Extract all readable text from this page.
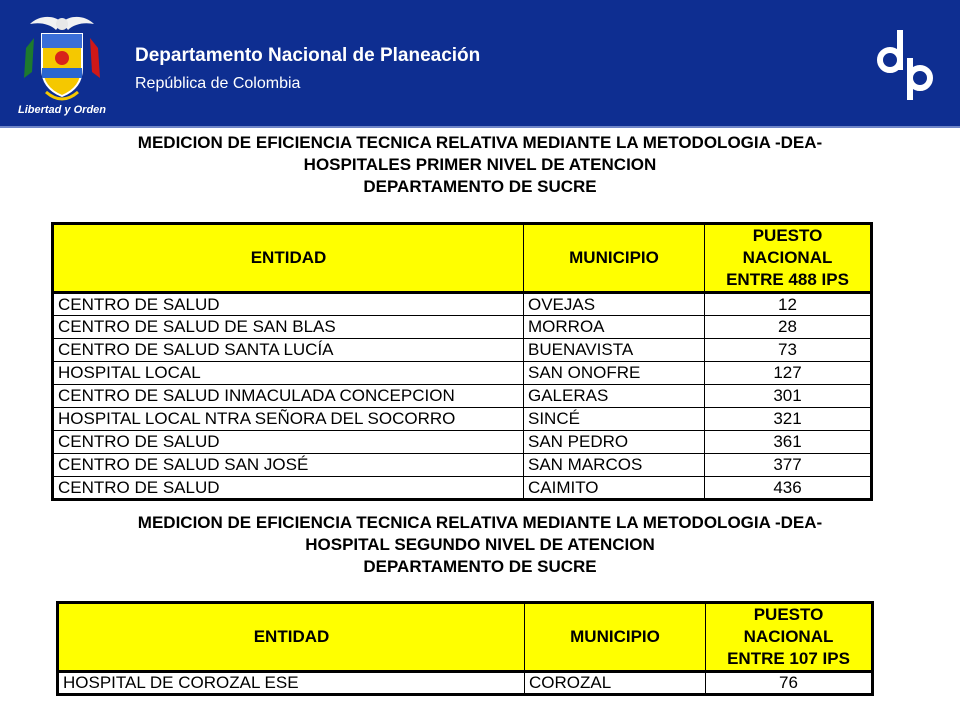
Libertad y Orden
Departamento Nacional de Planeación
República de Colombia
MEDICION DE EFICIENCIA TECNICA RELATIVA MEDIANTE LA METODOLOGIA -DEA-
HOSPITALES PRIMER NIVEL DE ATENCION
DEPARTAMENTO DE SUCRE
ENTIDAD	MUNICIPIO	PUESTO
NACIONAL
ENTRE 488 IPS

CENTRO DE SALUD	OVEJAS	12
CENTRO DE SALUD DE SAN BLAS	MORROA	28
CENTRO DE SALUD SANTA LUCÍA	BUENAVISTA	73
HOSPITAL LOCAL	SAN ONOFRE	127
CENTRO DE SALUD INMACULADA CONCEPCION	GALERAS	301
HOSPITAL LOCAL NTRA SEÑORA DEL SOCORRO	SINCÉ	321
CENTRO DE SALUD	SAN PEDRO	361
CENTRO DE SALUD SAN JOSÉ	SAN MARCOS	377
CENTRO DE SALUD	CAIMITO	436
MEDICION DE EFICIENCIA TECNICA RELATIVA MEDIANTE LA METODOLOGIA -DEA-
HOSPITAL SEGUNDO NIVEL DE ATENCION
DEPARTAMENTO DE SUCRE
ENTIDAD	MUNICIPIO	PUESTO
NACIONAL
ENTRE 107 IPS

HOSPITAL DE COROZAL ESE	COROZAL	76
